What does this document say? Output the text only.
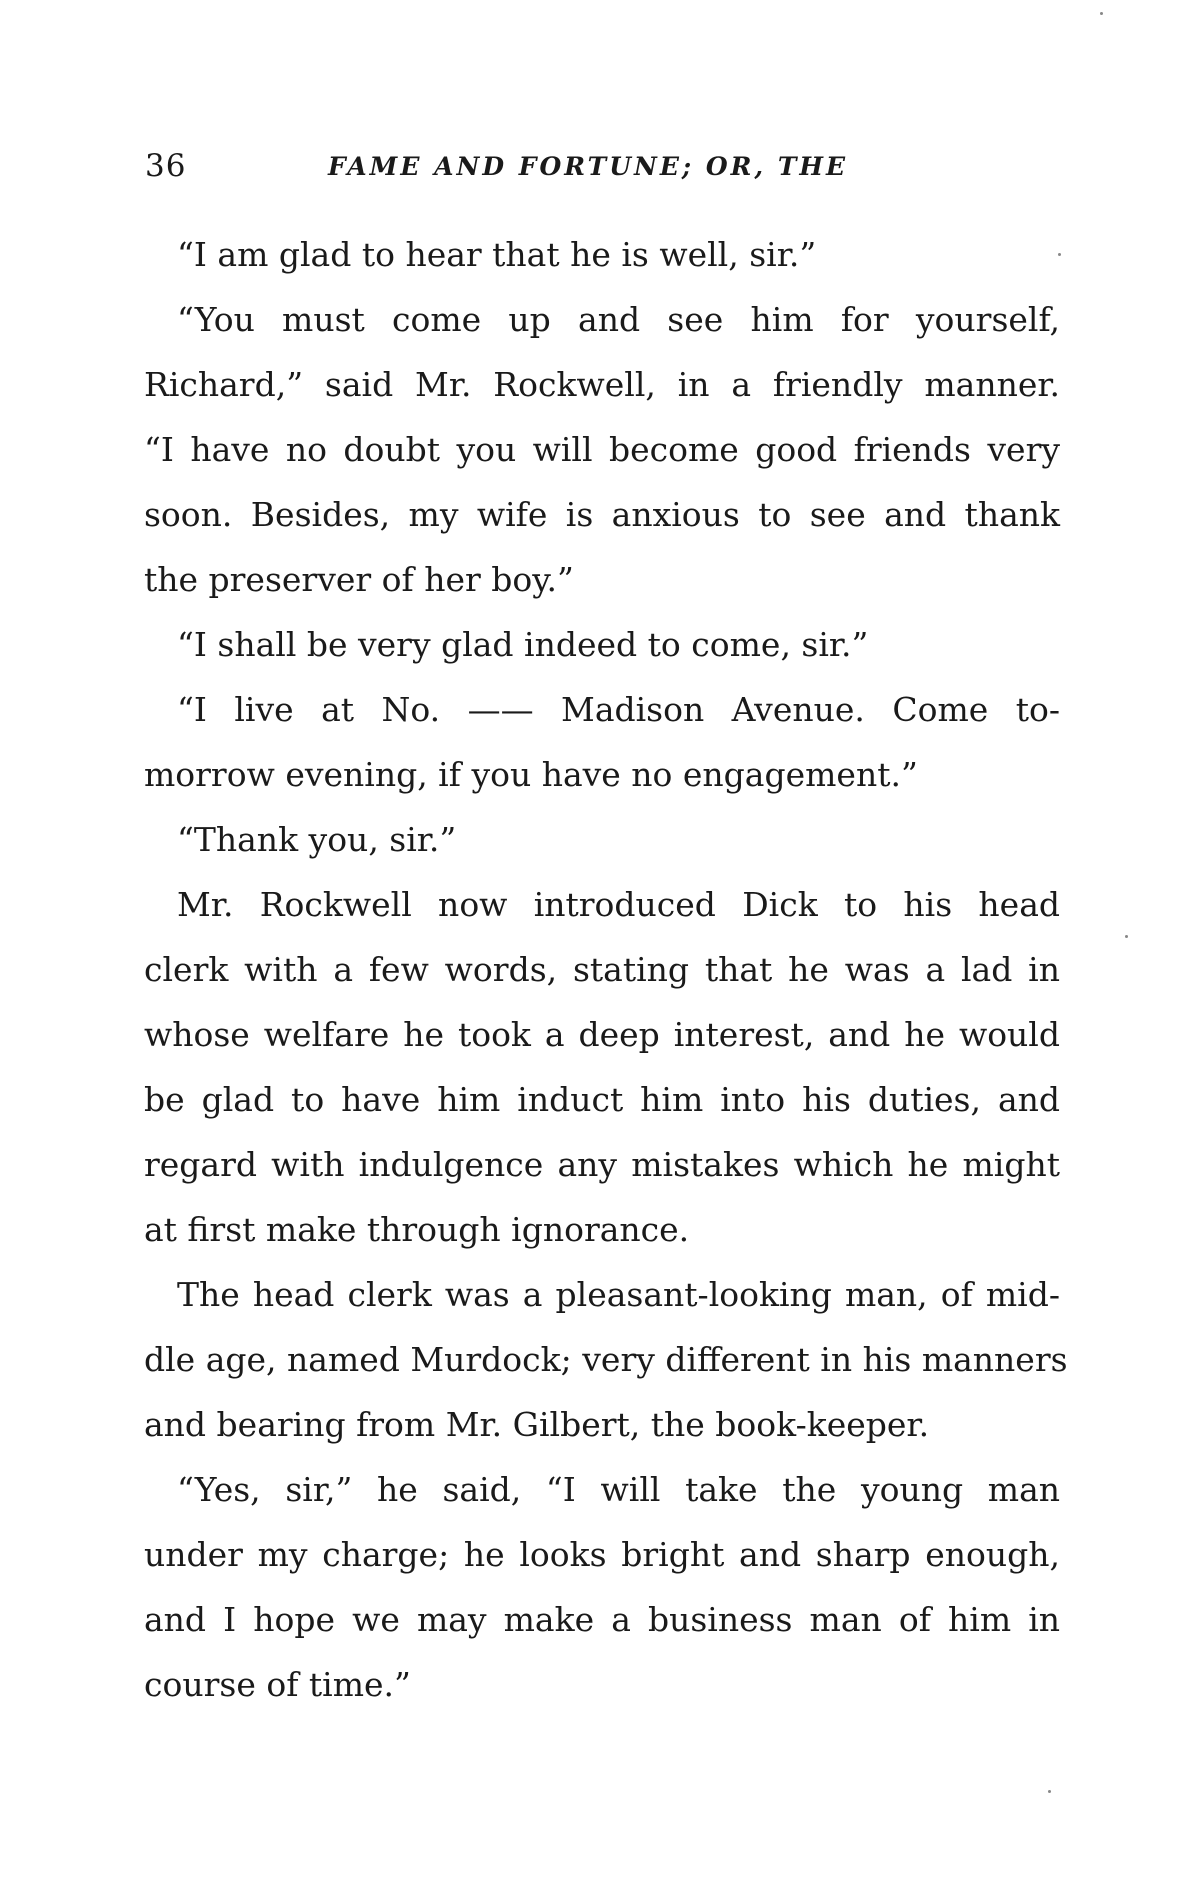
36	FAME AND FORTUNE; OR, THE
“I am glad to hear that he is well, sir.”
“You must come up and see him for yourself,
Richard,” said Mr. Rockwell, in a friendly manner.
“I have no doubt you will become good friends very
soon. Besides, my wife is anxious to see and thank
the preserver of her boy.”
“I shall be very glad indeed to come, sir.”
“I live at No. —— Madison Avenue. Come to-
morrow evening, if you have no engagement.”
“Thank you, sir.”
Mr. Rockwell now introduced Dick to his head
clerk with a few words, stating that he was a lad in
whose welfare he took a deep interest, and he would
be glad to have him induct him into his duties, and
regard with indulgence any mistakes which he might
at first make through ignorance.
The head clerk was a pleasant-looking man, of mid-
dle age, named Murdock; very different in his manners
and bearing from Mr. Gilbert, the book-keeper.
“Yes, sir,” he said, “I will take the young man
under my charge; he looks bright and sharp enough,
and I hope we may make a business man of him in
course of time.”
